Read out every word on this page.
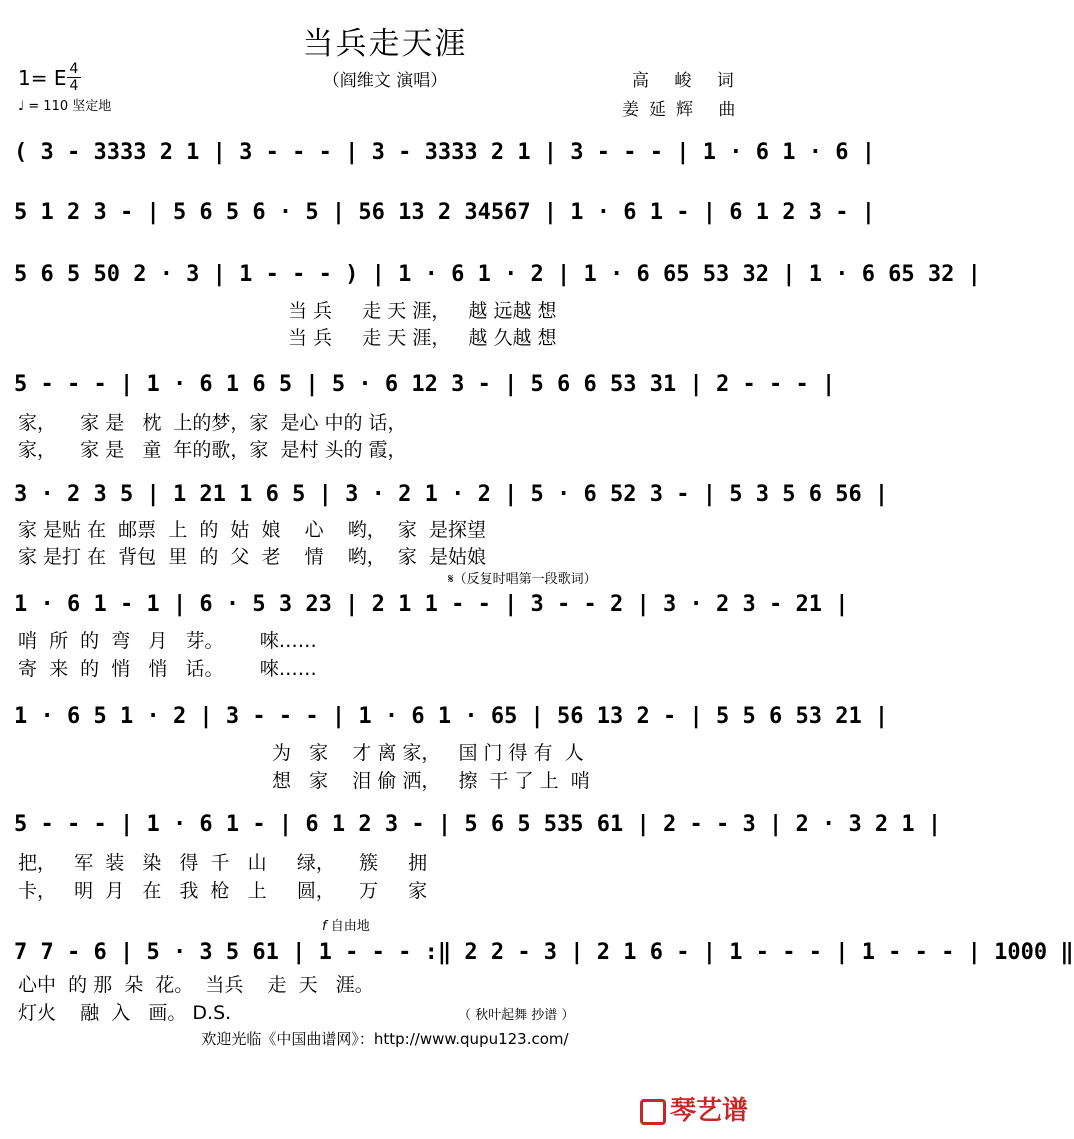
当兵走天涯
（阎维文 演唱）
1= E 4
4
♩ = 110 坚定地
高 峻 词
姜延辉 曲
( 3 - 3333 2 1 | 3 - - - | 3 - 3333 2 1 | 3 - - - | 1 · 6 1 · 6 |
5 1 2 3 - | 5 6 5 6 · 5 | 56 13 2 34567 | 1 · 6 1 - | 6 1 2 3 - |
5 6 5 50 2 · 3 | 1 - - - ) | 1 · 6 1 · 2 | 1 · 6 65 53 32 | 1 · 6 65 32 |
当 兵     走 天 涯，   越 远越 想
当 兵     走 天 涯，   越 久越 想
5 - - - | 1 · 6 1 6 5 | 5 · 6 12 3 - | 5 6 6 53 31 | 2 - - - |
家，    家 是   枕  上的梦，家  是心 中的 话，
家，    家 是   童  年的歌，家  是村 头的 霞，
3 · 2 3 5 | 1 21 1 6 5 | 3 · 2 1 · 2 | 5 · 6 52 3 - | 5 3 5 6 56 |
家 是贴 在  邮票  上  的  姑  娘    心    哟，  家  是探望
家 是打 在  背包  里  的  父  老    情    哟，  家  是姑娘
𝄋（反复时唱第一段歌词）
1 · 6 1 - 1 | 6 · 5 3 23 | 2 1 1 - - | 3 - - 2 | 3 · 2 3 - 21 |
哨  所  的  弯   月   芽。      唻……
寄  来  的  悄   悄   话。      唻……
1 · 6 5 1 · 2 | 3 - - - | 1 · 6 1 · 65 | 56 13 2 - | 5 5 6 53 21 |
为   家    才 离 家，   国 门 得 有  人
想   家    泪 偷 洒，   擦  干 了 上  哨
5 - - - | 1 · 6 1 - | 6 1 2 3 - | 5 6 5 535 61 | 2 - - 3 | 2 · 3 2 1 |
把，   军  装   染   得  千   山     绿，    簇     拥
卡，   明  月   在   我  枪   上     圆，    万     家
f 自由地
7 7 - 6 | 5 · 3 5 61 | 1 - - - :‖ 2 2 - 3 | 2 1 6 - | 1 - - - | 1 - - - | 1000 ‖
心中  的 那  朵  花。  当兵    走  天   涯。
灯火    融  入   画。 D.S.	（ 秋叶起舞 抄谱 ）
欢迎光临《中国曲谱网》：http://www.qupu123.com/
琴艺谱
